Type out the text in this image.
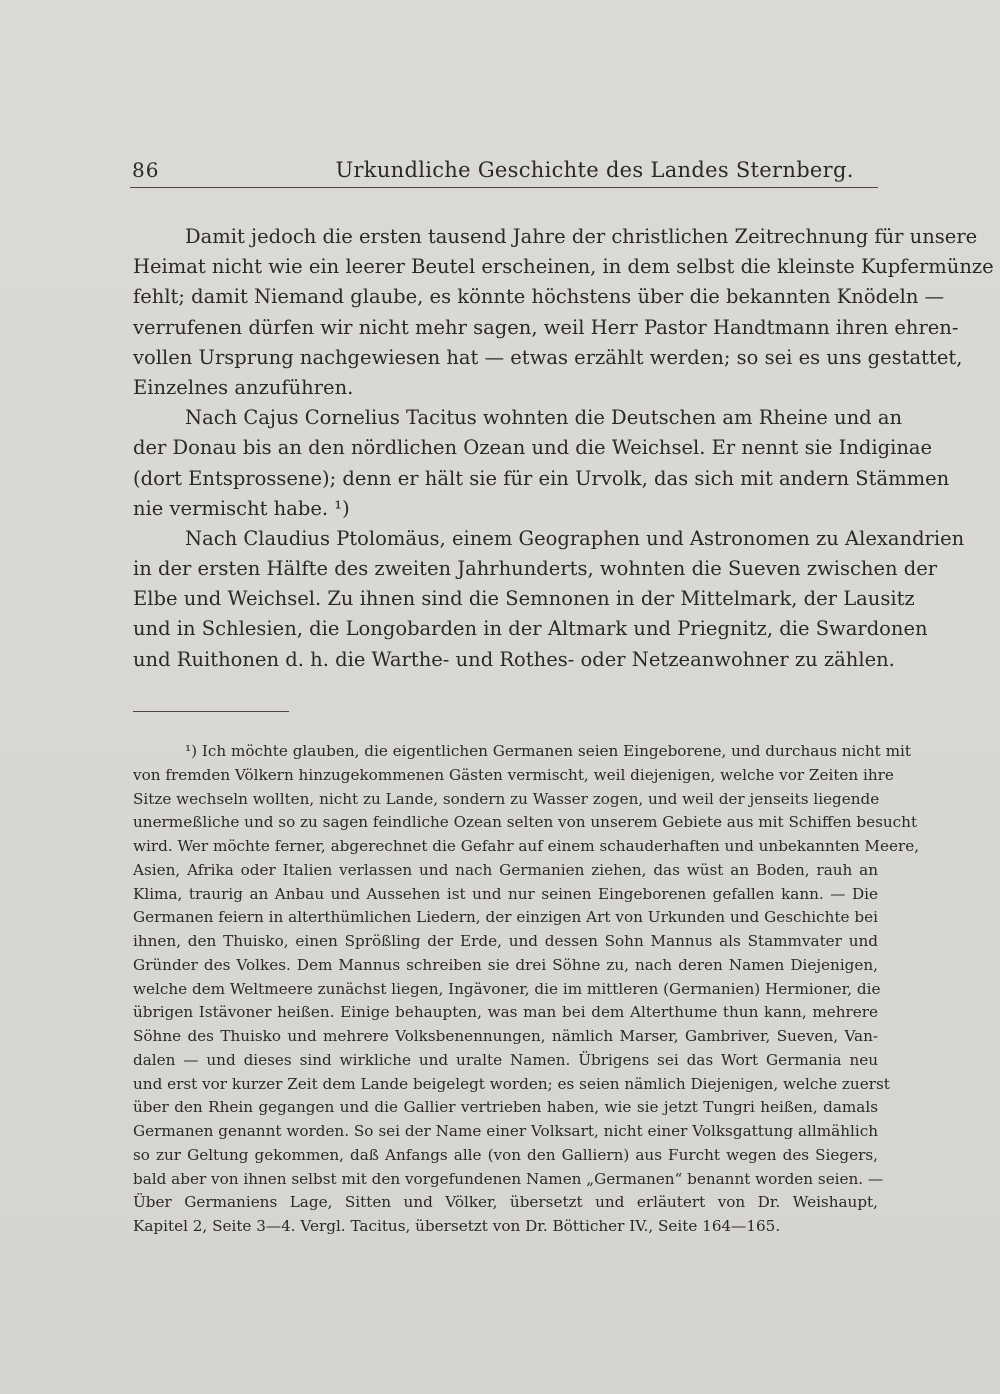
86	Urkundliche Geschichte des Landes Sternberg.
Damit jedoch die ersten tausend Jahre der christlichen Zeitrechnung für unsere
Heimat nicht wie ein leerer Beutel erscheinen, in dem selbst die kleinste Kupfermünze
fehlt; damit Niemand glaube, es könnte höchstens über die bekannten Knödeln —
verrufenen dürfen wir nicht mehr sagen, weil Herr Pastor Handtmann ihren ehren-
vollen Ursprung nachgewiesen hat — etwas erzählt werden; so sei es uns gestattet,
Einzelnes anzuführen.
Nach Cajus Cornelius Tacitus wohnten die Deutschen am Rheine und an
der Donau bis an den nördlichen Ozean und die Weichsel. Er nennt sie Indiginae
(dort Entsprossene); denn er hält sie für ein Urvolk, das sich mit andern Stämmen
nie vermischt habe. ¹)
Nach Claudius Ptolomäus, einem Geographen und Astronomen zu Alexandrien
in der ersten Hälfte des zweiten Jahrhunderts, wohnten die Sueven zwischen der
Elbe und Weichsel. Zu ihnen sind die Semnonen in der Mittelmark, der Lausitz
und in Schlesien, die Longobarden in der Altmark und Priegnitz, die Swardonen
und Ruithonen d. h. die Warthe- und Rothes- oder Netzeanwohner zu zählen.
¹) Ich möchte glauben, die eigentlichen Germanen seien Eingeborene, und durchaus nicht mit
von fremden Völkern hinzugekommenen Gästen vermischt, weil diejenigen, welche vor Zeiten ihre
Sitze wechseln wollten, nicht zu Lande, sondern zu Wasser zogen, und weil der jenseits liegende
unermeßliche und so zu sagen feindliche Ozean selten von unserem Gebiete aus mit Schiffen besucht
wird. Wer möchte ferner, abgerechnet die Gefahr auf einem schauderhaften und unbekannten Meere,
Asien, Afrika oder Italien verlassen und nach Germanien ziehen, das wüst an Boden, rauh an
Klima, traurig an Anbau und Aussehen ist und nur seinen Eingeborenen gefallen kann. — Die
Germanen feiern in alterthümlichen Liedern, der einzigen Art von Urkunden und Geschichte bei
ihnen, den Thuisko, einen Sprößling der Erde, und dessen Sohn Mannus als Stammvater und
Gründer des Volkes. Dem Mannus schreiben sie drei Söhne zu, nach deren Namen Diejenigen,
welche dem Weltmeere zunächst liegen, Ingävoner, die im mittleren (Germanien) Hermioner, die
übrigen Istävoner heißen. Einige behaupten, was man bei dem Alterthume thun kann, mehrere
Söhne des Thuisko und mehrere Volksbenennungen, nämlich Marser, Gambriver, Sueven, Van-
dalen — und dieses sind wirkliche und uralte Namen. Übrigens sei das Wort Germania neu
und erst vor kurzer Zeit dem Lande beigelegt worden; es seien nämlich Diejenigen, welche zuerst
über den Rhein gegangen und die Gallier vertrieben haben, wie sie jetzt Tungri heißen, damals
Germanen genannt worden. So sei der Name einer Volksart, nicht einer Volksgattung allmählich
so zur Geltung gekommen, daß Anfangs alle (von den Galliern) aus Furcht wegen des Siegers,
bald aber von ihnen selbst mit den vorgefundenen Namen „Germanen“ benannt worden seien. —
Über Germaniens Lage, Sitten und Völker, übersetzt und erläutert von Dr. Weishaupt,
Kapitel 2, Seite 3—4. Vergl. Tacitus, übersetzt von Dr. Bötticher IV., Seite 164—165.
